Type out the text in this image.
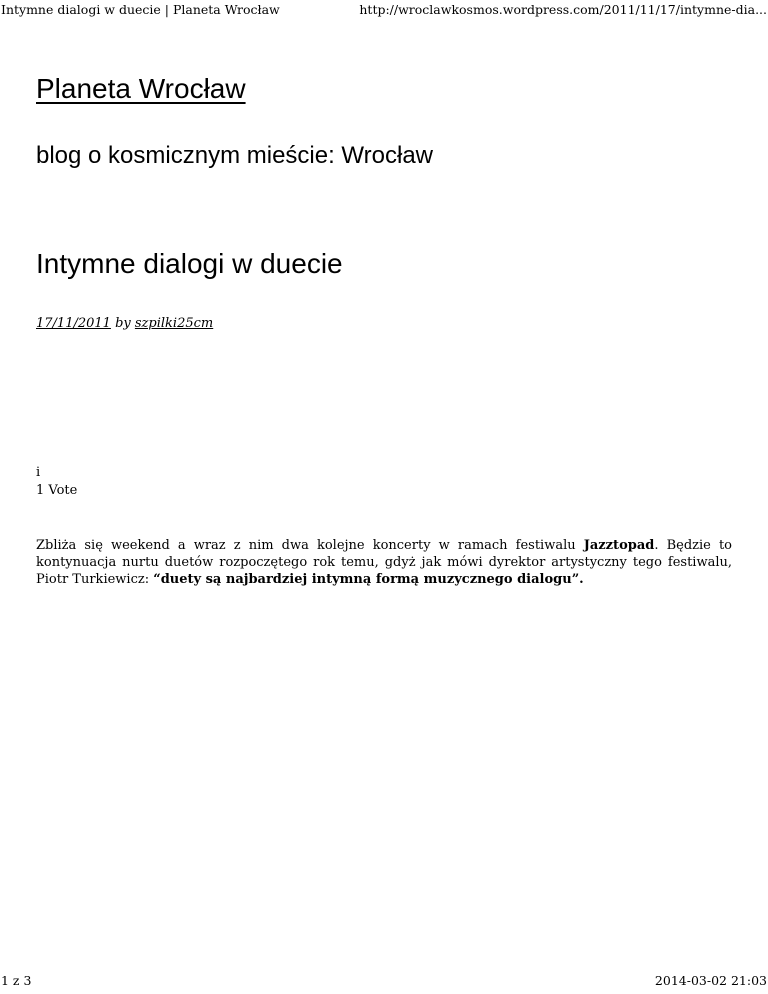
Intymne dialogi w duecie | Planeta Wrocław	http://wroclawkosmos.wordpress.com/2011/11/17/intymne-dia...
Planeta Wrocław

blog o kosmicznym mieście: Wrocław

Intymne dialogi w duecie
17/11/2011 by szpilki25cm
i
1 Vote

Zbliża się weekend a wraz z nim dwa kolejne koncerty w ramach festiwalu Jazztopad. Będzie to kontynuacja nurtu duetów rozpoczętego rok temu, gdyż jak mówi dyrektor artystyczny tego festiwalu, Piotr Turkiewicz: “duety są najbardziej intymną formą muzycznego dialogu”.

1 z 3	2014-03-02 21:03
